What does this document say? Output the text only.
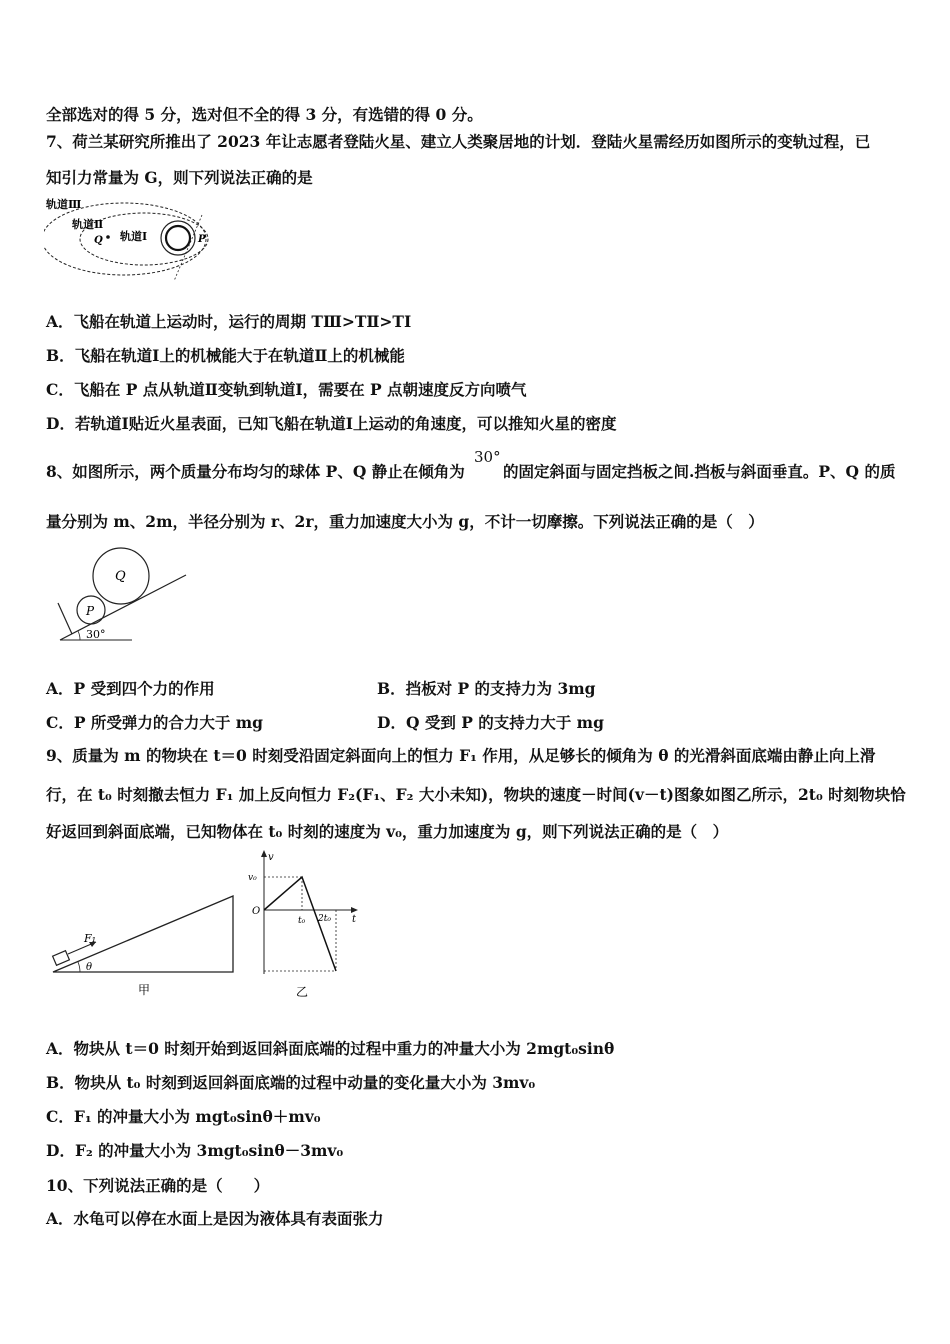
全部选对的得 5 分，选对但不全的得 3 分，有选错的得 0 分。
7、荷兰某研究所推出了 2023 年让志愿者登陆火星、建立人类聚居地的计划．登陆火星需经历如图所示的变轨过程，已
知引力常量为 G，则下列说法正确的是
轨道Ⅲ
轨道Ⅱ
轨道Ⅰ
Q	P
A．飞船在轨道上运动时，运行的周期 TⅢ>TⅡ>TⅠ
B．飞船在轨道Ⅰ上的机械能大于在轨道Ⅱ上的机械能
C．飞船在 P 点从轨道Ⅱ变轨到轨道Ⅰ，需要在 P 点朝速度反方向喷气
D．若轨道Ⅰ贴近火星表面，已知飞船在轨道Ⅰ上运动的角速度，可以推知火星的密度
8、如图所示，两个质量分布均匀的球体 P、Q 静止在倾角为
30°
的固定斜面与固定挡板之间.挡板与斜面垂直。P、Q 的质
量分别为 m、2m，半径分别为 r、2r，重力加速度大小为 g，不计一切摩擦。下列说法正确的是（　）
Q
P
30°
A．P 受到四个力的作用	B．挡板对 P 的支持力为 3mg
C．P 所受弹力的合力大于 mg	D．Q 受到 P 的支持力大于 mg
9、质量为 m 的物块在 t＝0 时刻受沿固定斜面向上的恒力 F₁ 作用，从足够长的倾角为 θ 的光滑斜面底端由静止向上滑
行，在 t₀ 时刻撤去恒力 F₁ 加上反向恒力 F₂(F₁、F₂ 大小未知)，物块的速度－时间(v－t)图象如图乙所示，2t₀ 时刻物块恰
好返回到斜面底端，已知物体在 t₀ 时刻的速度为 v₀，重力加速度为 g，则下列说法正确的是（　）
F₁
θ
甲
v
v₀
O
t₀ 2t₀ t
乙
A．物块从 t＝0 时刻开始到返回斜面底端的过程中重力的冲量大小为 2mgt₀sinθ
B．物块从 t₀ 时刻到返回斜面底端的过程中动量的变化量大小为 3mv₀
C．F₁ 的冲量大小为 mgt₀sinθ＋mv₀
D．F₂ 的冲量大小为 3mgt₀sinθ－3mv₀
10、下列说法正确的是（　　）
A．水龟可以停在水面上是因为液体具有表面张力
